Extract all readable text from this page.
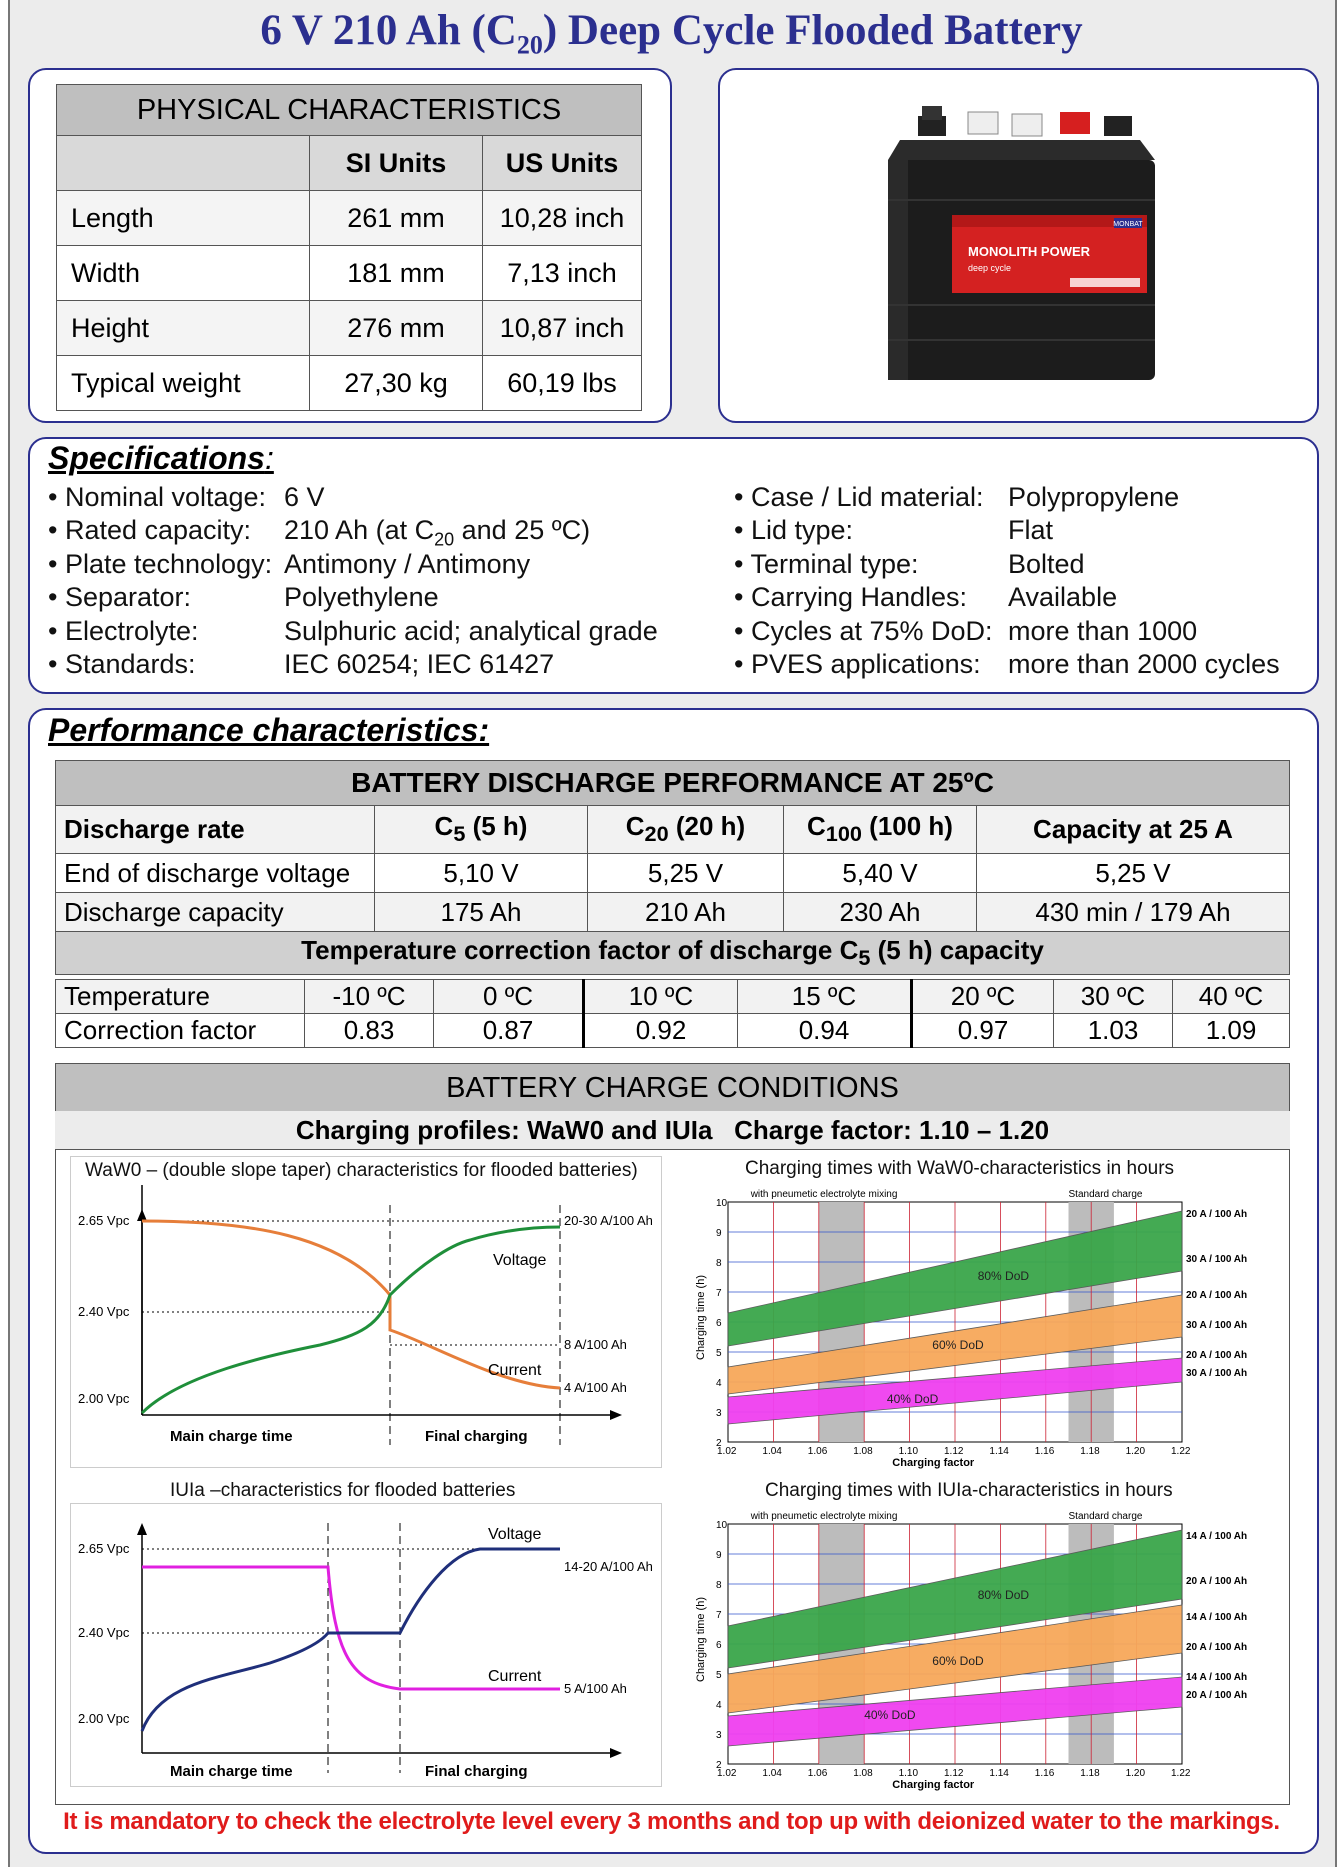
6 V 210 Ah $(C_{20})$ Deep Cycle Flooded Battery
PHYSICAL CHARACTERISTICS		
	SI Units	US Units
Length	261 mm	10,28 inch
Width	181 mm	7,13 inch
Height	276 mm	10,87 inch
Typical weight	27,30 kg	60,19 lbs
MONBAT
MONOLITH POWER
deep cycle
Specifications:
• Nominal voltage: 6 V
• Rated capacity: 210 Ah (at $C_{20}$ and 25 ºC)
• Plate technology: Antimony / Antimony
• Separator:	Polyethylene
• Electrolyte:	Sulphuric acid; analytical grade
• Standards:	IEC 60254; IEC 61427
• Case / Lid material: Polypropylene
• Lid type:	Flat
• Terminal type:	Bolted
• Carrying Handles: Available
• Cycles at 75% DoD: more than 1000
• PVES applications: more than 2000 cycles
Performance characteristics:
BATTERY DISCHARGE PERFORMANCE AT 25ºC				
Discharge rate	$C_5$ (5 h)	$C_{20}$ (20 h)	$C_{100}$ (100 h)	Capacity at 25 A
End of discharge voltage	5,10 V	5,25 V	5,40 V	5,25 V
Discharge capacity	175 Ah	210 Ah	230 Ah	430 min / 179 Ah
Temperature correction factor of discharge $C_5$ (5 h) capacity				
Temperature	-10 ºC	0 ºC	10 ºC	15 ºC	20 ºC	30 ºC	40 ºC
Correction factor	0.83	0.87	0.92	0.94	0.97	1.03	1.09
BATTERY CHARGE CONDITIONS
Charging profiles: WaW0 and IUIa   Charge factor: 1.10 – 1.20
WaW0 – (double slope taper) characteristics for flooded batteries)
2.65 Vpc
2.40 Vpc
2.00 Vpc
Voltage
Current
20-30 A/100 Ah
8 A/100 Ah
4 A/100 Ah
Main charge time	Final charging
IUIa –characteristics for flooded batteries
2.65 Vpc
2.40 Vpc
2.00 Vpc
Voltage
Current
14-20 A/100 Ah
5 A/100 Ah
Main charge time	Final charging
Charging times with WaW0-characteristics in hours
80% DoD
60% DoD
40% DoD
2
3
4
5
6
7
8
9
10
1.02	1.04	1.06	1.08	1.10	1.12	1.14	1.16	1.18	1.20	1.22
Charging time (h)
Charging factor
with pneumetic electrolyte mixing	Standard charge
20 A / 100 Ah
30 A / 100 Ah
20 A / 100 Ah
30 A / 100 Ah
20 A / 100 Ah
30 A / 100 Ah
Charging times with IUIa-characteristics in hours
80% DoD
60% DoD
40% DoD
2
3
4
5
6
7
8
9
10
1.02	1.04	1.06	1.08	1.10	1.12	1.14	1.16	1.18	1.20	1.22
Charging time (h)
Charging factor
with pneumetic electrolyte mixing	Standard charge
14 A / 100 Ah
20 A / 100 Ah
14 A / 100 Ah
20 A / 100 Ah
14 A / 100 Ah
20 A / 100 Ah
It is mandatory to check the electrolyte level every 3 months and top up with deionized water to the markings.
